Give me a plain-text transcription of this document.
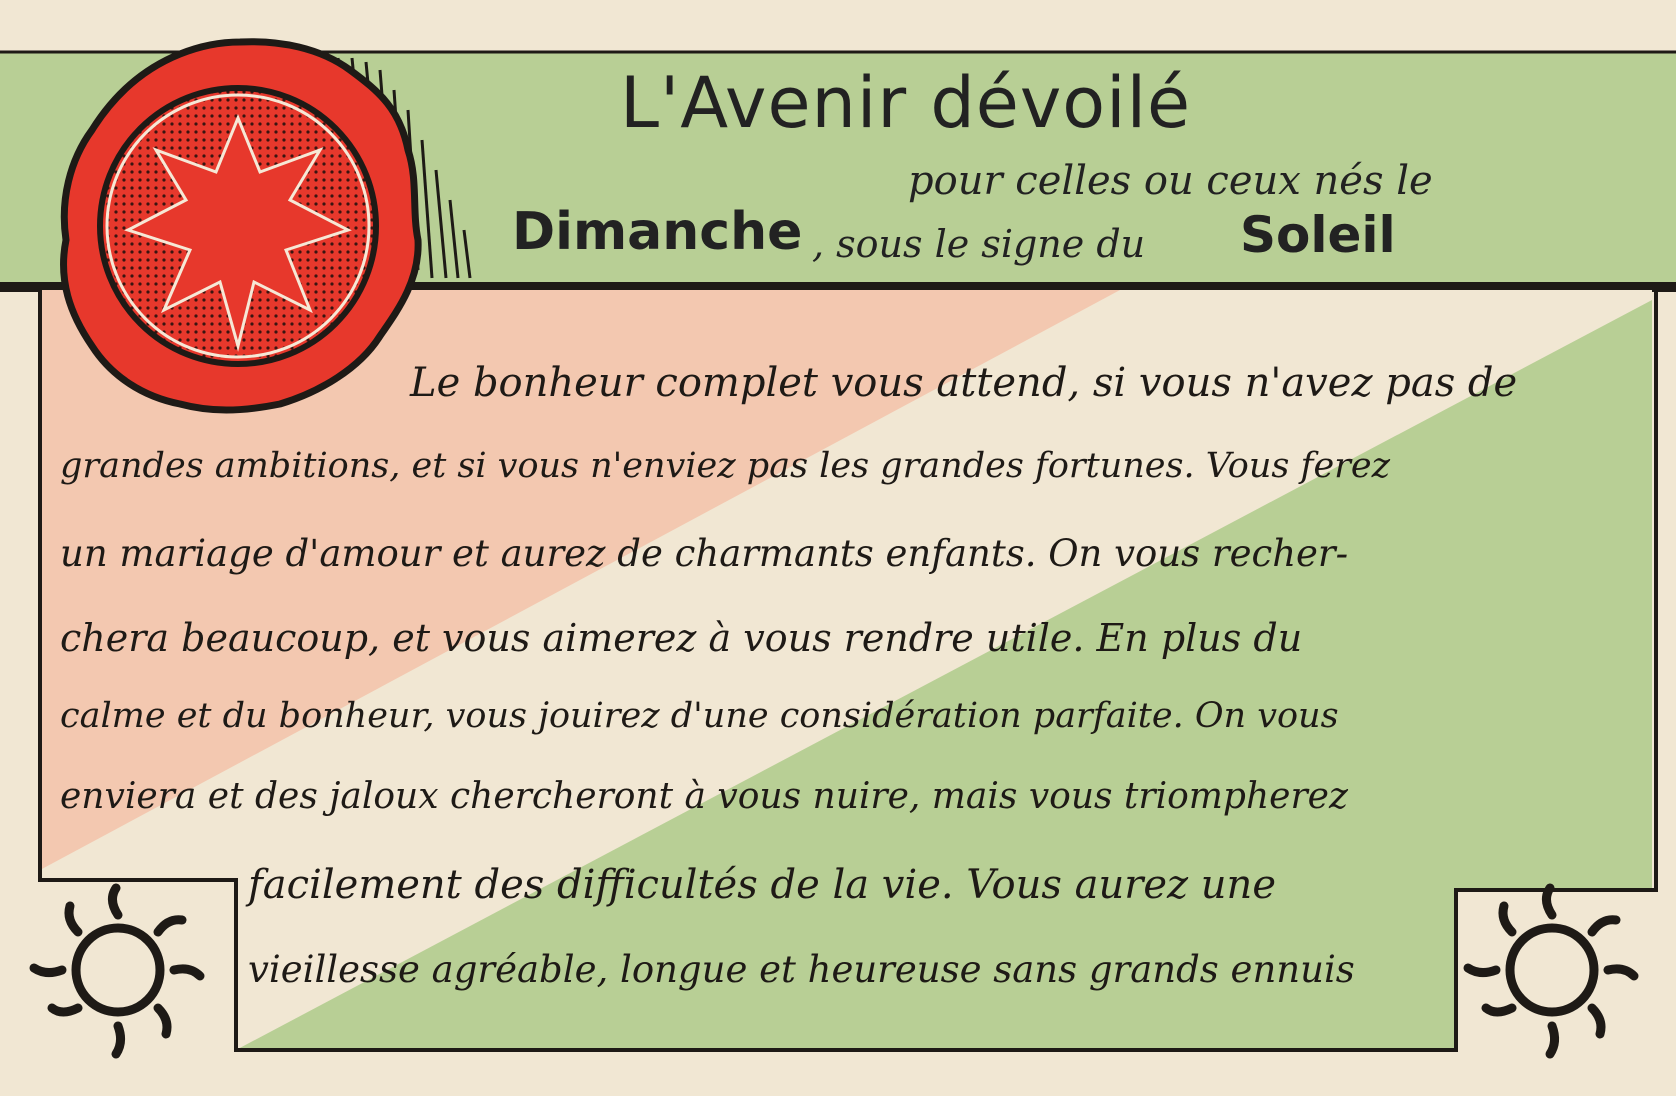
L'Avenir dévoilé
pour celles ou ceux nés le
Dimanche , sous le signe du Soleil
Le bonheur complet vous attend, si vous n'avez pas de
grandes ambitions, et si vous n'enviez pas les grandes fortunes. Vous ferez
un mariage d'amour et aurez de charmants enfants. On vous recher-
chera beaucoup, et vous aimerez à vous rendre utile. En plus du
calme et du bonheur, vous jouirez d'une considération parfaite. On vous
enviera et des jaloux chercheront à vous nuire, mais vous triompherez
facilement des difficultés de la vie. Vous aurez une
vieillesse agréable, longue et heureuse sans grands ennuis
